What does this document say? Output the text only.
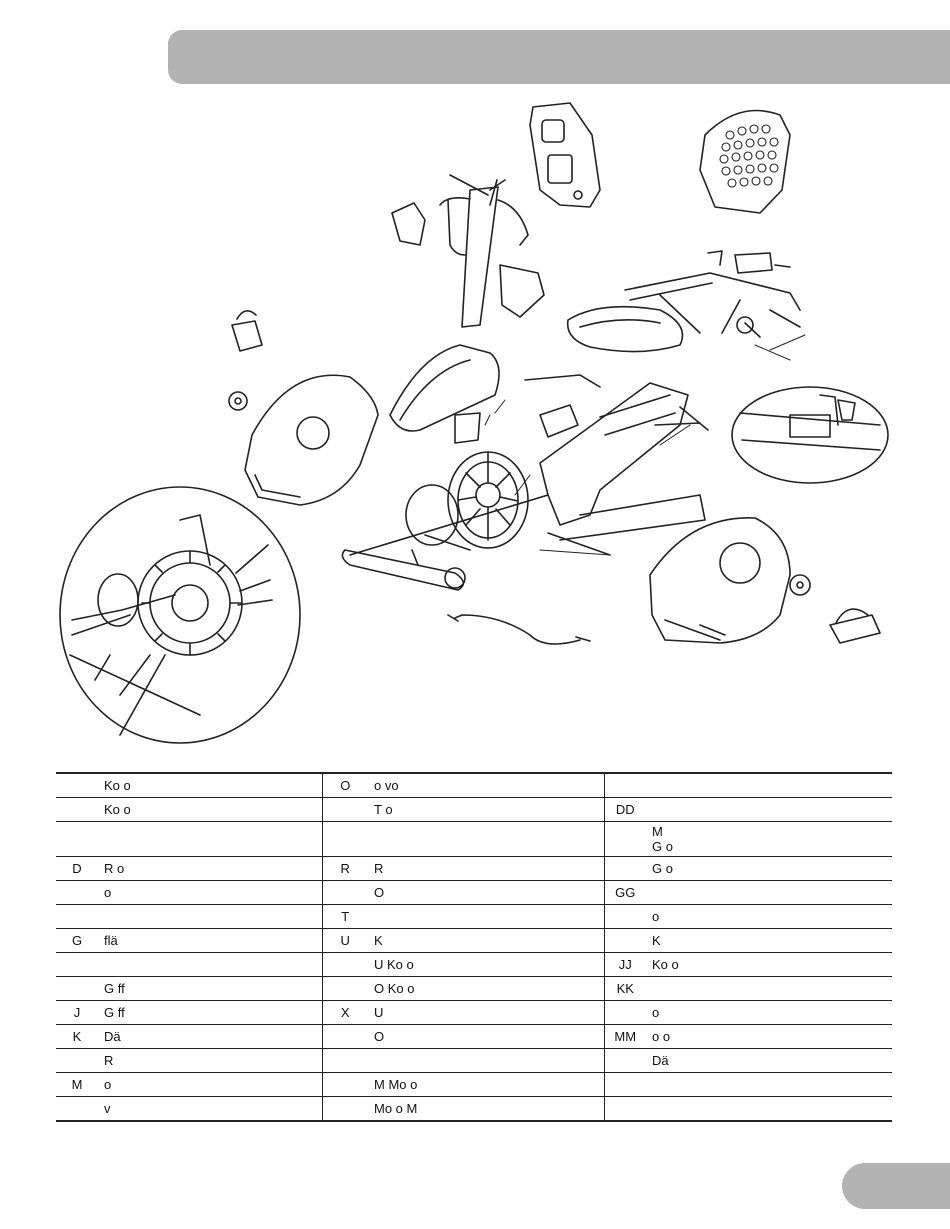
	Ko o	O	o vo		
	Ko o		T o	DD	
					M
G o
D	R o	R	R		G o
	o		O	GG	
		T			o
G	flä	U	K		K
			U Ko o	JJ	Ko o
	G ff		O Ko o	KK	
J	G ff	X	U		o
K	Dä		O	MM	o o
	R				Dä
M	o		M Mo o		
	v		Mo o M		
